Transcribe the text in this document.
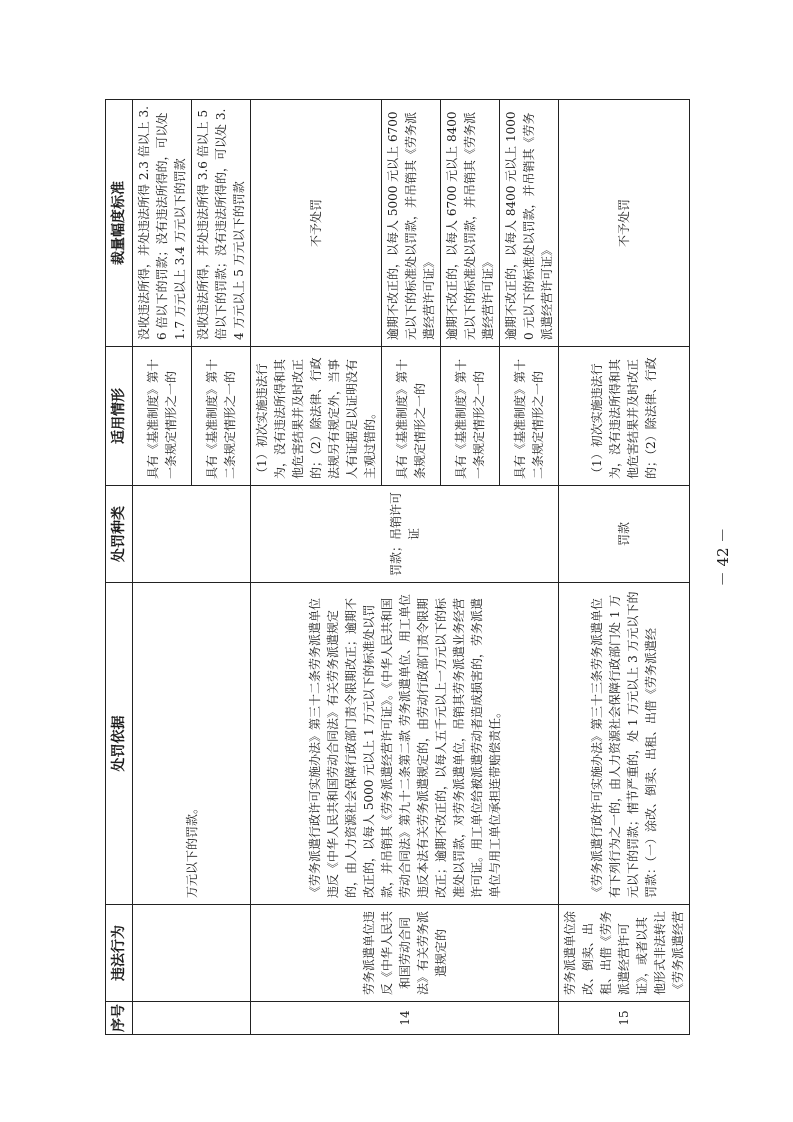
序号	违法行为	处罚依据	处罚种类	适用情形	裁量幅度标准
		万元以下的罚款。		具有《基准制度》第十一条规定情形之一的	没收违法所得，并处违法所得 2.3 倍以上 3.6 倍以下的罚款；没有违法所得的，可以处 1.7 万元以上 3.4 万元以下的罚款
				具有《基准制度》第十二条规定情形之一的	没收违法所得，并处违法所得 3.6 倍以上 5 倍以下的罚款；没有违法所得的，可以处 3.4 万元以上 5 万元以下的罚款
14	劳务派遣单位违反《中华人民共和国劳动合同法》有关劳务派遣规定的	《劳务派遣行政许可实施办法》第三十二条劳务派遣单位违反《中华人民共和国劳动合同法》有关劳务派遣规定的，由人力资源社会保障行政部门责令限期改正；逾期不改正的，以每人 5000 元以上 1 万元以下的标准处以罚款，并吊销其《劳务派遣经营许可证》。《中华人民共和国劳动合同法》第九十二条第二款 劳务派遣单位、用工单位违反本法有关劳务派遣规定的，由劳动行政部门责令限期改正；逾期不改正的，以每人五千元以上一万元以下的标准处以罚款，对劳务派遣单位，吊销其劳务派遣业务经营许可证。用工单位给被派遣劳动者造成损害的，劳务派遣单位与用工单位承担连带赔偿责任。	罚款；吊销许可证	（1）初次实施违法行为，没有违法所得和其他危害结果并及时改正的；（2）除法律、行政法规另有规定外，当事人有证据足以证明没有主观过错的。	不予处罚
				具有《基准制度》第十条规定情形之一的	逾期不改正的，以每人 5000 元以上 6700 元以下的标准处以罚款，并吊销其《劳务派遣经营许可证》
				具有《基准制度》第十一条规定情形之一的	逾期不改正的，以每人 6700 元以上 8400 元以下的标准处以罚款，并吊销其《劳务派遣经营许可证》
				具有《基准制度》第十二条规定情形之一的	逾期不改正的，以每人 8400 元以上 10000 元以下的标准处以罚款，并吊销其《劳务派遣经营许可证》
15	劳务派遣单位涂改、倒卖、出租、出借《劳务派遣经营许可证》，或者以其他形式非法转让《劳务派遣经营	《劳务派遣行政许可实施办法》第三十三条劳务派遣单位有下列行为之一的，由人力资源社会保障行政部门处 1 万元以下的罚款；情节严重的，处 1 万元以上 3 万元以下的罚款：（一）涂改、倒卖、出租、出借《劳务派遣经	罚款	（1）初次实施违法行为，没有违法所得和其他危害结果并及时改正的；（2）除法律、行政	不予处罚
－ 42 －
